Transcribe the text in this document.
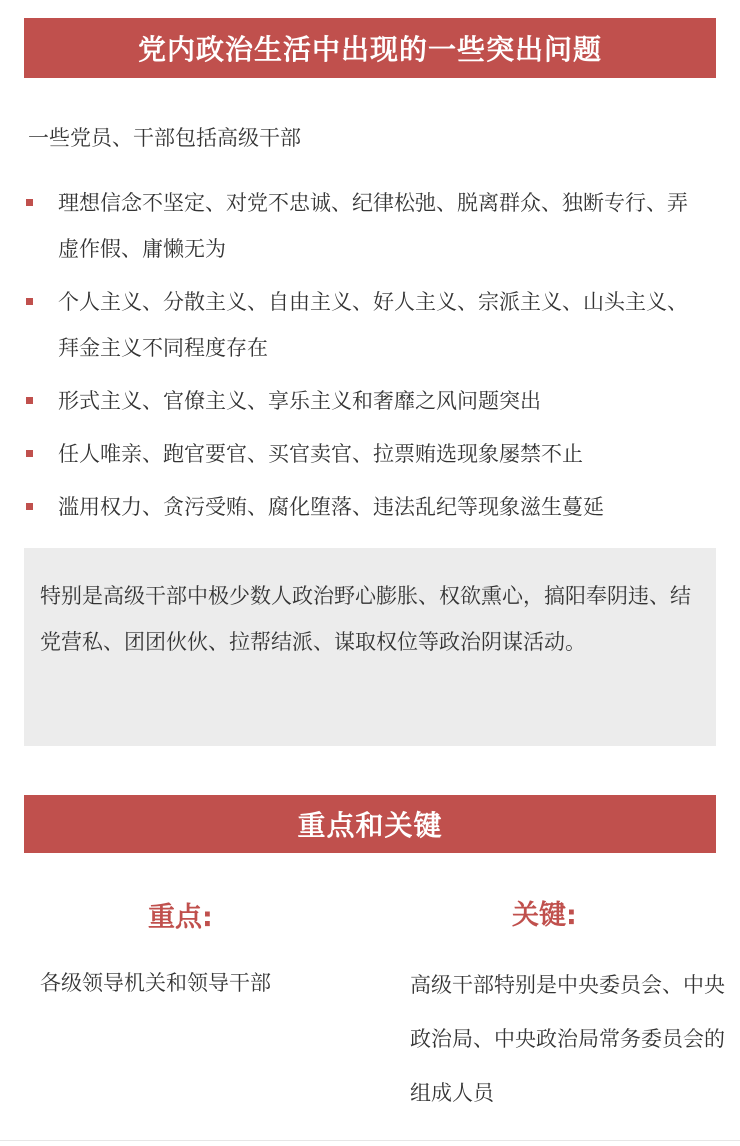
党内政治生活中出现的一些突出问题
一些党员、干部包括高级干部
理想信念不坚定、对党不忠诚、纪律松弛、脱离群众、独断专行、弄虚作假、庸懒无为
个人主义、分散主义、自由主义、好人主义、宗派主义、山头主义、拜金主义不同程度存在
形式主义、官僚主义、享乐主义和奢靡之风问题突出
任人唯亲、跑官要官、买官卖官、拉票贿选现象屡禁不止
滥用权力、贪污受贿、腐化堕落、违法乱纪等现象滋生蔓延

特别是高级干部中极少数人政治野心膨胀、权欲熏心，搞阳奉阴违、结党营私、团团伙伙、拉帮结派、谋取权位等政治阴谋活动。

重点和关键
重点:
各级领导机关和领导干部
关键:
高级干部特别是中央委员会、中央政治局、中央政治局常务委员会的组成人员
